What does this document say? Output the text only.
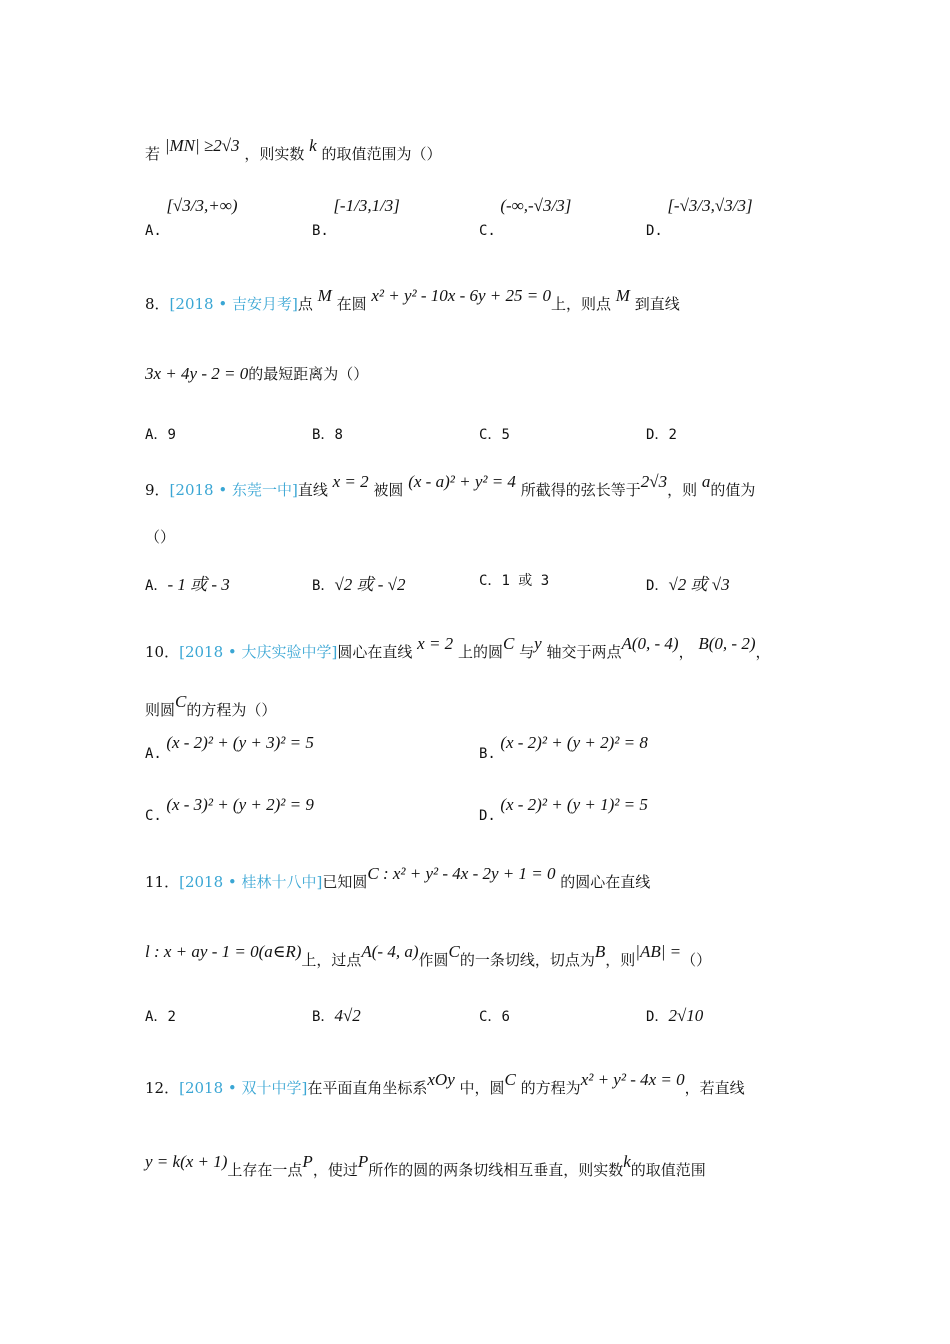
若 |MN| ≥2√3 ，则实数 k 的取值范围为（）
A. [√3/3,+∞)
B. [-1/3,1/3]
C. (-∞,-√3/3]
D. [-√3/3,√3/3]
8．[2018 • 吉安月考]点 M 在圆 x² + y² - 10x - 6y + 25 = 0上，则点 M 到直线
3x + 4y - 2 = 0的最短距离为（）
A．9	B．8	C．5	D．2
9．[2018 • 东莞一中]直线 x = 2 被圆 (x - a)² + y² = 4 所截得的弦长等于2√3，则 a的值为
（）
A．- 1 或 - 3	B．√2 或 - √2	C．1 或 3	D．√2 或 √3
10．[2018 • 大庆实验中学]圆心在直线 x = 2 上的圆C 与y 轴交于两点A(0, - 4)， B(0, - 2)，
则圆C的方程为（）
A. (x - 2)² + (y + 3)² = 5
B. (x - 2)² + (y + 2)² = 8
C. (x - 3)² + (y + 2)² = 9
D. (x - 2)² + (y + 1)² = 5
11．[2018 • 桂林十八中]已知圆C : x² + y² - 4x - 2y + 1 = 0 的圆心在直线
l : x + ay - 1 = 0(a∈R)上，过点A(- 4, a)作圆C的一条切线，切点为B，则|AB| =（）
A．2	B．4√2	C．6	D．2√10
12．[2018 • 双十中学]在平面直角坐标系xOy 中，圆C 的方程为x² + y² - 4x = 0，若直线
y = k(x + 1)上存在一点P，使过P所作的圆的两条切线相互垂直，则实数k的取值范围
